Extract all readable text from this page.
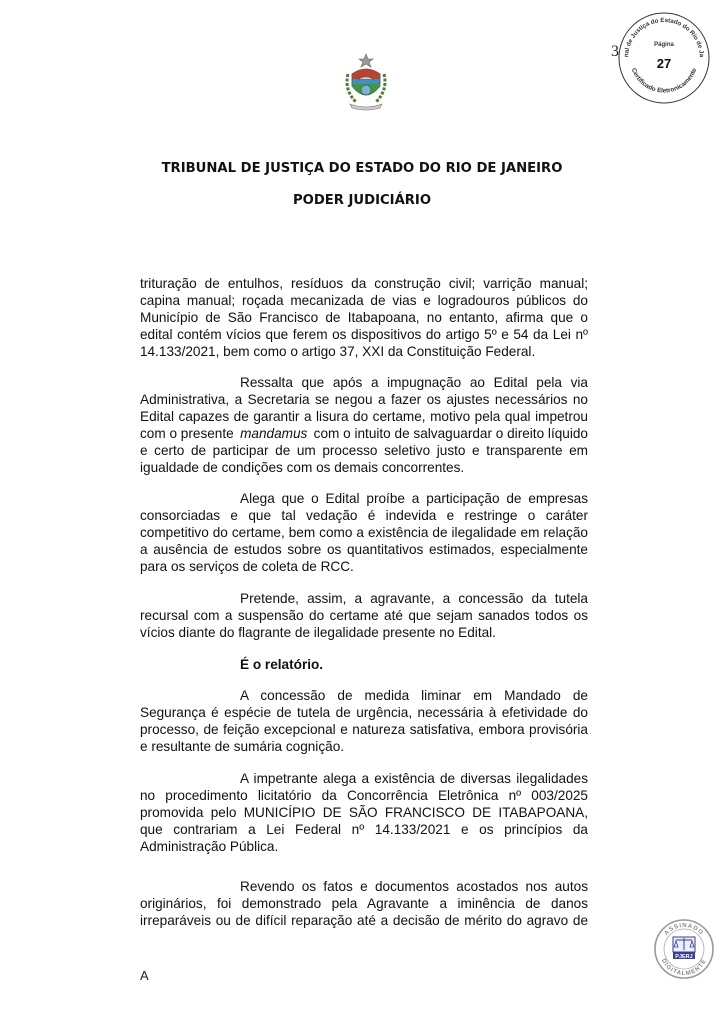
nal de Justiça do Estado do Rio de Ja
Certificado Eletronicamente
Página
27
3
TRIBUNAL DE JUSTIÇA DO ESTADO DO RIO DE JANEIRO
PODER JUDICIÁRIO
trituração de entulhos, resíduos da construção civil; varrição manual;
capina manual; roçada mecanizada de vias e logradouros públicos do
Município de São Francisco de Itabapoana, no entanto, afirma que o
edital contém vícios que ferem os dispositivos do artigo 5º e 54 da Lei nº
14.133/2021, bem como o artigo 37, XXI da Constituição Federal.
Ressalta que após a impugnação ao Edital pela via
Administrativa, a Secretaria se negou a fazer os ajustes necessários no
Edital capazes de garantir a lisura do certame, motivo pela qual impetrou
com o presente mandamus com o intuito de salvaguardar o direito líquido
e certo de participar de um processo seletivo justo e transparente em
igualdade de condições com os demais concorrentes.
Alega que o Edital proíbe a participação de empresas
consorciadas e que tal vedação é indevida e restringe o caráter
competitivo do certame, bem como a existência de ilegalidade em relação
a ausência de estudos sobre os quantitativos estimados, especialmente
para os serviços de coleta de RCC.
Pretende, assim, a agravante, a concessão da tutela
recursal com a suspensão do certame até que sejam sanados todos os
vícios diante do flagrante de ilegalidade presente no Edital.
É o relatório.
A concessão de medida liminar em Mandado de
Segurança é espécie de tutela de urgência, necessária à efetividade do
processo, de feição excepcional e natureza satisfativa, embora provisória
e resultante de sumária cognição.
A impetrante alega a existência de diversas ilegalidades
no procedimento licitatório da Concorrência Eletrônica nº 003/2025
promovida pelo MUNICÍPIO DE SÃO FRANCISCO DE ITABAPOANA,
que contrariam a Lei Federal nº 14.133/2021 e os princípios da
Administração Pública.
Revendo os fatos e documentos acostados nos autos
originários, foi demonstrado pela Agravante a iminência de danos
irreparáveis ou de difícil reparação até a decisão de mérito do agravo de
A
ASSINADO
DIGITALMENTE
PJERJ
